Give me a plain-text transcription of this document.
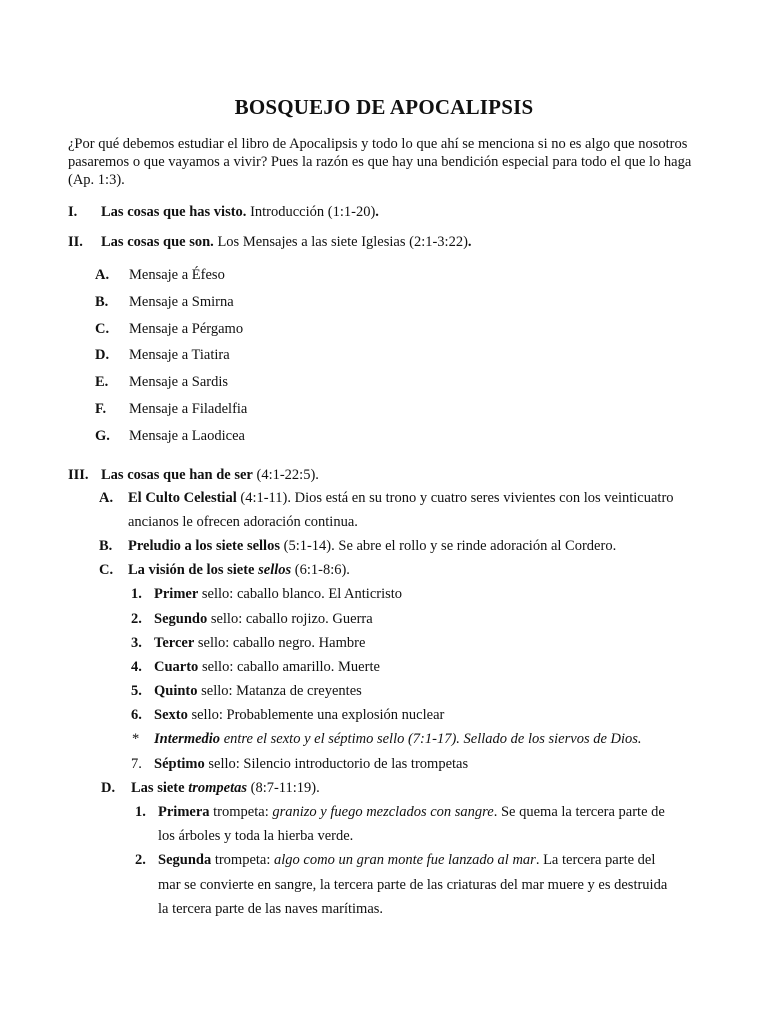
BOSQUEJO DE APOCALIPSIS
¿Por qué debemos estudiar el libro de Apocalipsis y todo lo que ahí se menciona si no es algo que nosotros pasaremos o que vayamos a vivir? Pues la razón es que hay una bendición especial para todo el que lo haga (Ap. 1:3).
I. Las cosas que has visto. Introducción (1:1-20).
II. Las cosas que son. Los Mensajes a las siete Iglesias (2:1-3:22).
A. Mensaje a Éfeso
B. Mensaje a Smirna
C. Mensaje a Pérgamo
D. Mensaje a Tiatira
E. Mensaje a Sardis
F. Mensaje a Filadelfia
G. Mensaje a Laodicea
III. Las cosas que han de ser (4:1-22:5).
A. El Culto Celestial (4:1-11). Dios está en su trono y cuatro seres vivientes con los veinticuatro
ancianos le ofrecen adoración continua.
B. Preludio a los siete sellos (5:1-14). Se abre el rollo y se rinde adoración al Cordero.
C. La visión de los siete sellos (6:1-8:6).
1. Primer sello: caballo blanco. El Anticristo
2. Segundo sello: caballo rojizo. Guerra
3. Tercer sello: caballo negro. Hambre
4. Cuarto sello: caballo amarillo. Muerte
5. Quinto sello: Matanza de creyentes
6. Sexto sello: Probablemente una explosión nuclear
* Intermedio entre el sexto y el séptimo sello (7:1-17). Sellado de los siervos de Dios.
7. Séptimo sello: Silencio introductorio de las trompetas
D. Las siete trompetas (8:7-11:19).
1. Primera trompeta: granizo y fuego mezclados con sangre. Se quema la tercera parte de
los árboles y toda la hierba verde.
2. Segunda trompeta: algo como un gran monte fue lanzado al mar. La tercera parte del
mar se convierte en sangre, la tercera parte de las criaturas del mar muere y es destruida
la tercera parte de las naves marítimas.
